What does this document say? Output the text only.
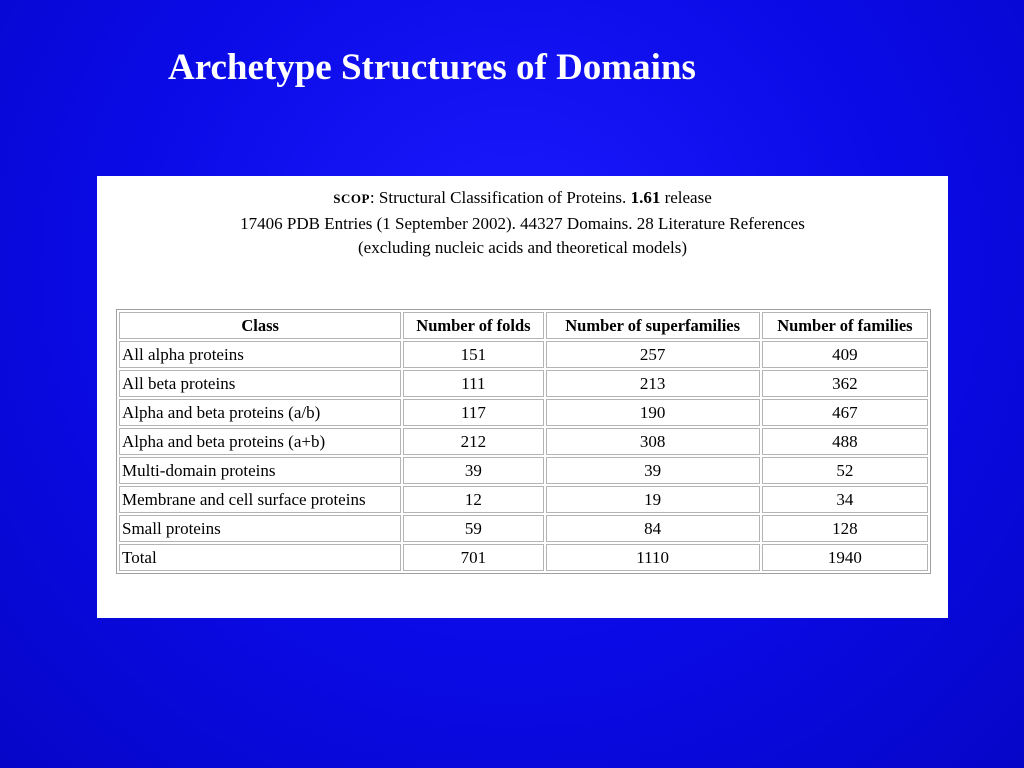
Archetype Structures of Domains
SCOP: Structural Classification of Proteins. 1.61 release
17406 PDB Entries (1 September 2002). 44327 Domains. 28 Literature References
(excluding nucleic acids and theoretical models)
Class	Number of folds	Number of superfamilies	Number of families
All alpha proteins	151	257	409
All beta proteins	111	213	362
Alpha and beta proteins (a/b)	117	190	467
Alpha and beta proteins (a+b)	212	308	488
Multi-domain proteins	39	39	52
Membrane and cell surface proteins	12	19	34
Small proteins	59	84	128
Total	701	1110	1940
